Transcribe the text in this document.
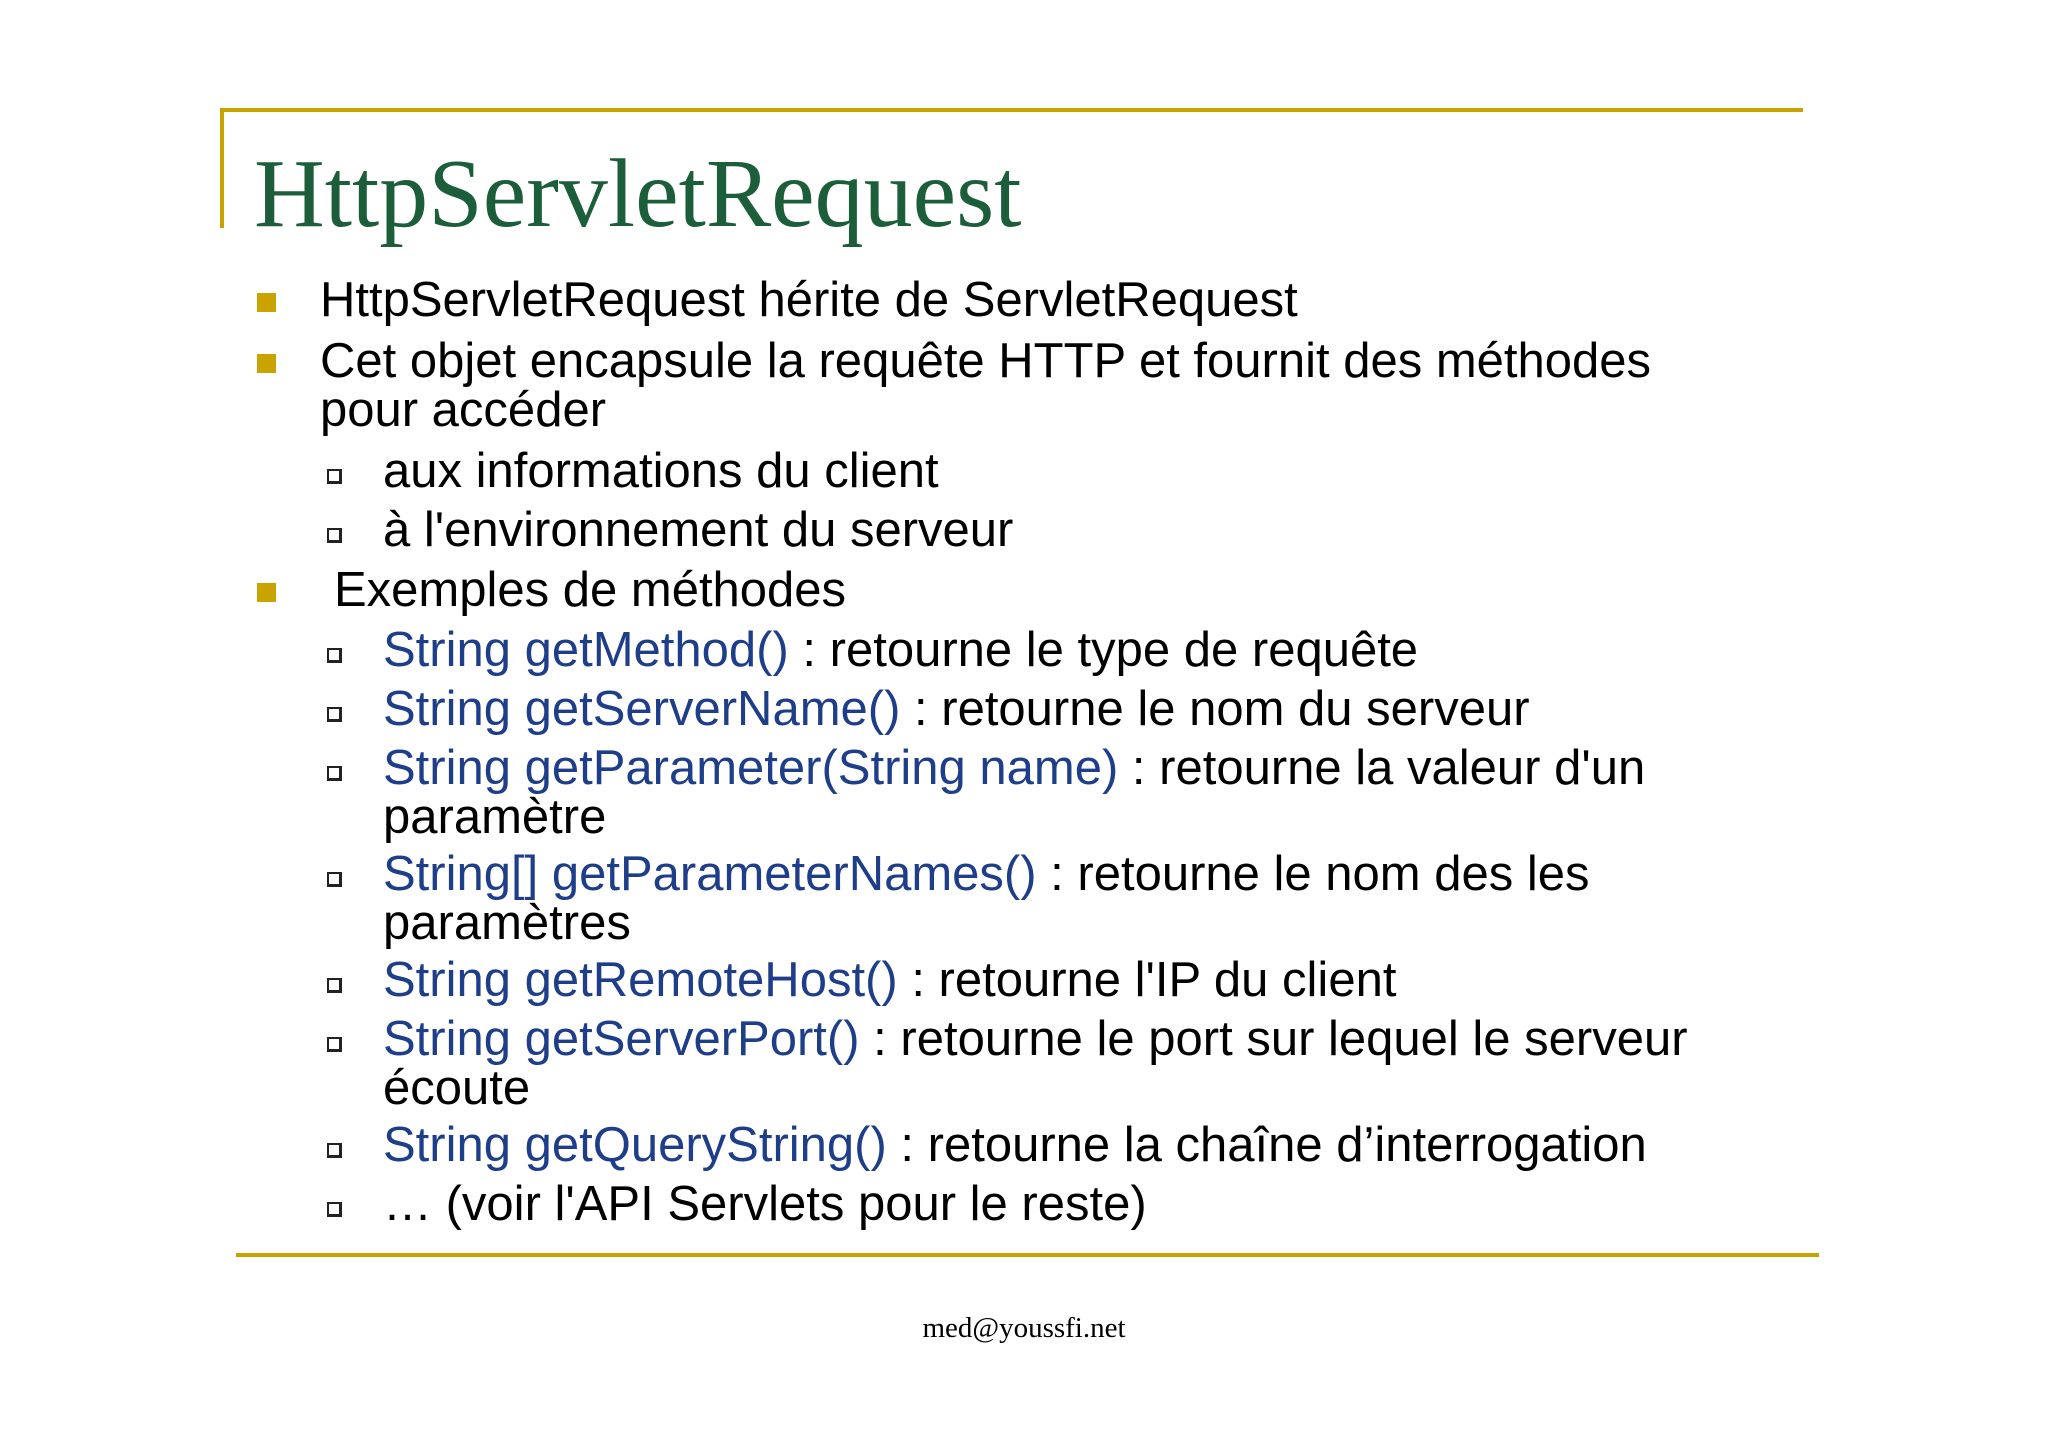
HttpServletRequest
HttpServletRequest hérite de ServletRequest
Cet objet encapsule la requête HTTP et fournit des méthodes
pour accéder
aux informations du client
à l'environnement du serveur
Exemples de méthodes
String getMethod() : retourne le type de requête
String getServerName() : retourne le nom du serveur
String getParameter(String name) : retourne la valeur d'un
paramètre
String[] getParameterNames() : retourne le nom des les
paramètres
String getRemoteHost() : retourne l'IP du client
String getServerPort() : retourne le port sur lequel le serveur
écoute
String getQueryString() : retourne la chaîne d’interrogation
… (voir l'API Servlets pour le reste)
med@youssfi.net
